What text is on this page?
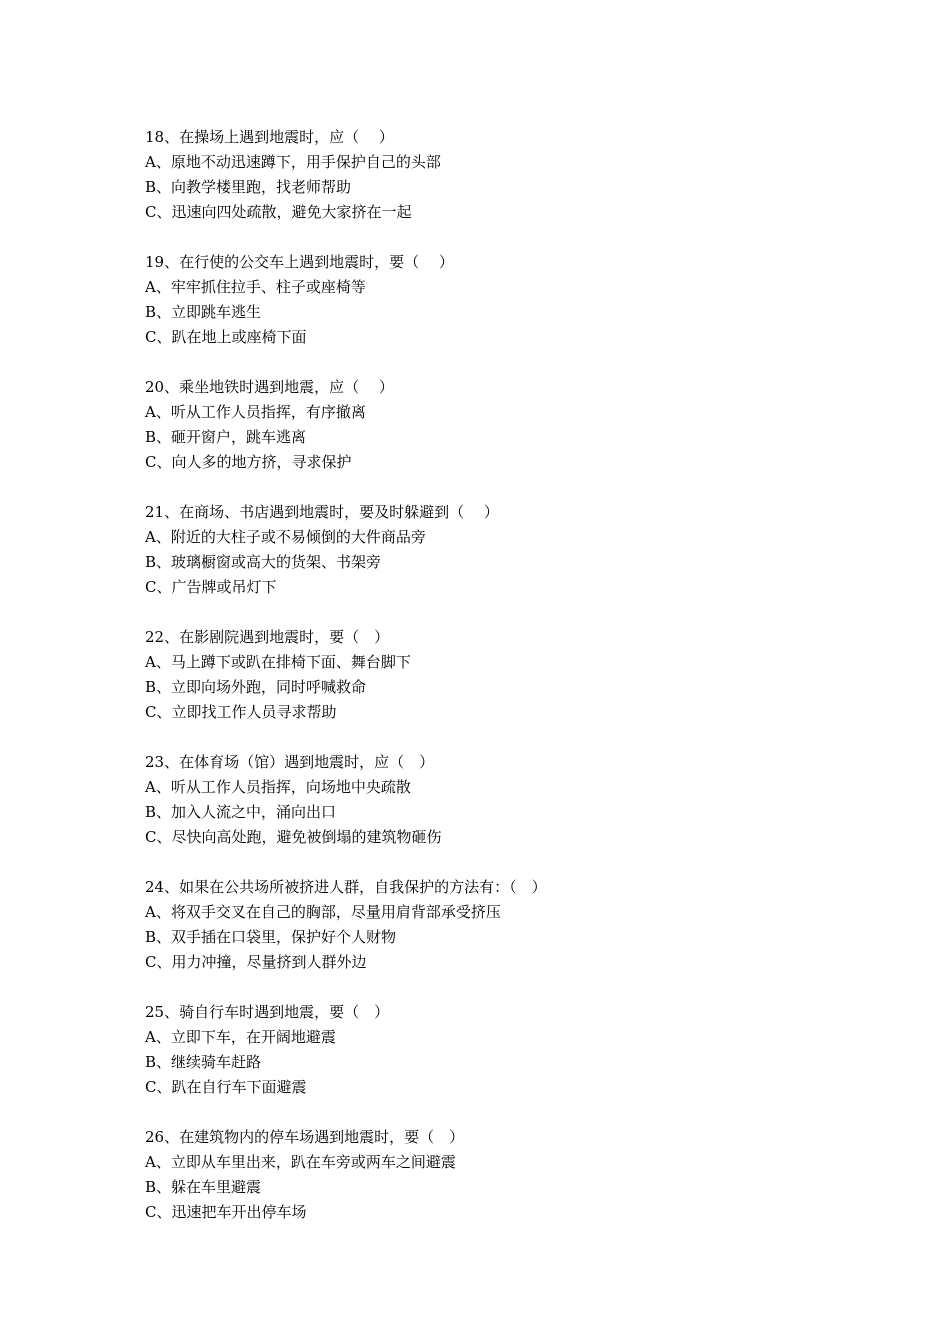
18、在操场上遇到地震时，应（　 ）
A、原地不动迅速蹲下，用手保护自己的头部
B、向教学楼里跑，找老师帮助
C、迅速向四处疏散，避免大家挤在一起
19、在行使的公交车上遇到地震时，要（　 ）
A、牢牢抓住拉手、柱子或座椅等
B、立即跳车逃生
C、趴在地上或座椅下面
20、乘坐地铁时遇到地震，应（　 ）
A、听从工作人员指挥，有序撤离
B、砸开窗户，跳车逃离
C、向人多的地方挤，寻求保护
21、在商场、书店遇到地震时，要及时躲避到（　 ）
A、附近的大柱子或不易倾倒的大件商品旁
B、玻璃橱窗或高大的货架、书架旁
C、广告牌或吊灯下
22、在影剧院遇到地震时，要（　）
A、马上蹲下或趴在排椅下面、舞台脚下
B、立即向场外跑，同时呼喊救命
C、立即找工作人员寻求帮助
23、在体育场（馆）遇到地震时，应（　）
A、听从工作人员指挥，向场地中央疏散
B、加入人流之中，涌向出口
C、尽快向高处跑，避免被倒塌的建筑物砸伤
24、如果在公共场所被挤进人群，自我保护的方法有：（　）
A、将双手交叉在自己的胸部，尽量用肩背部承受挤压
B、双手插在口袋里，保护好个人财物
C、用力冲撞，尽量挤到人群外边
25、骑自行车时遇到地震，要（　）
A、立即下车，在开阔地避震
B、继续骑车赶路
C、趴在自行车下面避震
26、在建筑物内的停车场遇到地震时，要（　）
A、立即从车里出来，趴在车旁或两车之间避震
B、躲在车里避震
C、迅速把车开出停车场
